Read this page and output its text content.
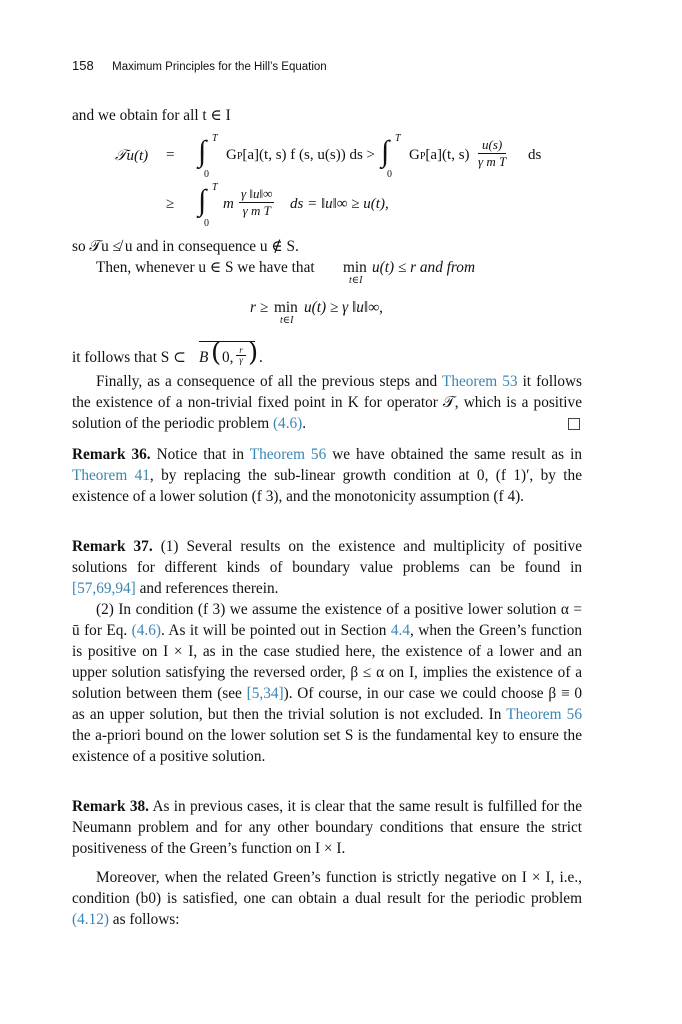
158 Maximum Principles for the Hill’s Equation
and we obtain for all t ∈ I
𝒯u(t) = ∫ T
0
GP[a](t, s) f (s, u(s)) ds > ∫ T
0
GP[a](t, $s) \frac{u(s)}{\text{γ m T}}$ ds
≥ ∫ T
0
m $\frac{\gamma ‖u‖\infty}{\text{γ m T}}$ ds = ‖u‖∞ ≥ u(t),
so 𝒯u ≰ u and in consequence u ∉ S.
Then, whenever u ∈ S we have that min
t∈I
u(t) ≤ r and from
r ≥ min
t∈I
u(t) ≥ γ ‖u‖∞,
it follows that S ⊂ B ( 0, $\frac{r}{\gamma}$ ) .
Finally, as a consequence of all the previous steps and Theorem 53 it follows the existence of a non-trivial fixed point in K for operator 𝒯, which is a positive solution of the periodic problem (4.6).
Remark 36. Notice that in Theorem 56 we have obtained the same result as in Theorem 41, by replacing the sub-linear growth condition at 0, (f 1)′, by the existence of a lower solution (f 3), and the monotonicity assumption (f 4).
Remark 37. (1) Several results on the existence and multiplicity of positive solutions for different kinds of boundary value problems can be found in [57,69,94] and references therein.
(2) In condition (f 3) we assume the existence of a positive lower solution α = ū for Eq. (4.6). As it will be pointed out in Section 4.4, when the Green’s function is positive on I × I, as in the case studied here, the existence of a lower and an upper solution satisfying the reversed order, β ≤ α on I, implies the existence of a solution between them (see [5,34]). Of course, in our case we could choose β ≡ 0 as an upper solution, but then the trivial solution is not excluded. In Theorem 56 the a-priori bound on the lower solution set S is the fundamental key to ensure the existence of a positive solution.
Remark 38. As in previous cases, it is clear that the same result is fulfilled for the Neumann problem and for any other boundary conditions that ensure the strict positiveness of the Green’s function on I × I.
Moreover, when the related Green’s function is strictly negative on I × I, i.e., condition (b0) is satisfied, one can obtain a dual result for the periodic problem (4.12) as follows:
